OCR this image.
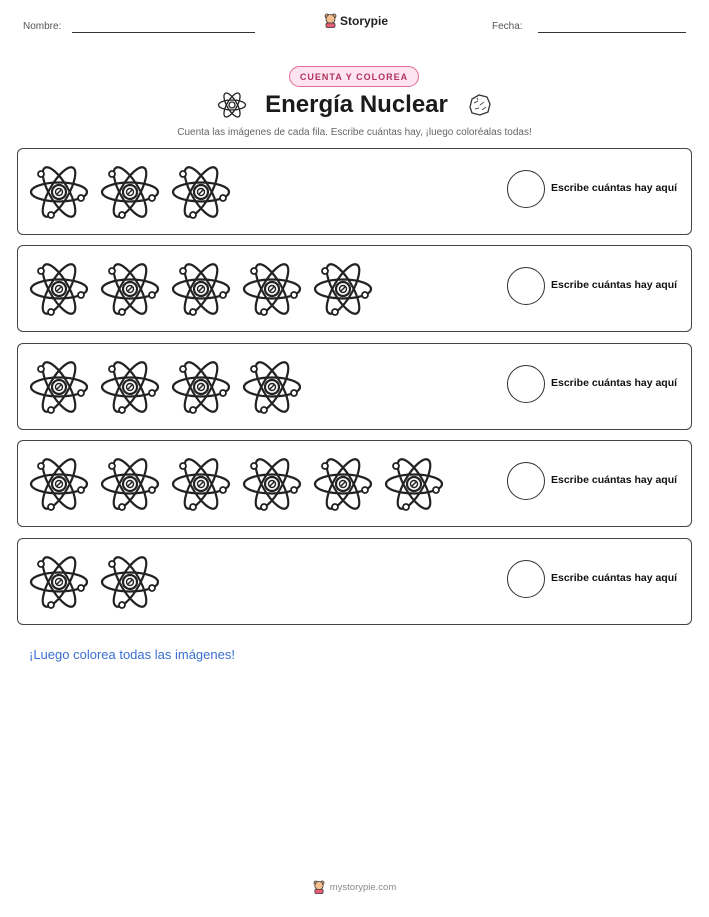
Nombre:	Storypie	Fecha:
CUENTA Y COLOREA
Energía Nuclear
Cuenta las imágenes de cada fila. Escribe cuántas hay, ¡luego coloréalas todas!
Escribe cuántas hay aquí
Escribe cuántas hay aquí
Escribe cuántas hay aquí
Escribe cuántas hay aquí
Escribe cuántas hay aquí
¡Luego colorea todas las imágenes!
mystorypie.com
